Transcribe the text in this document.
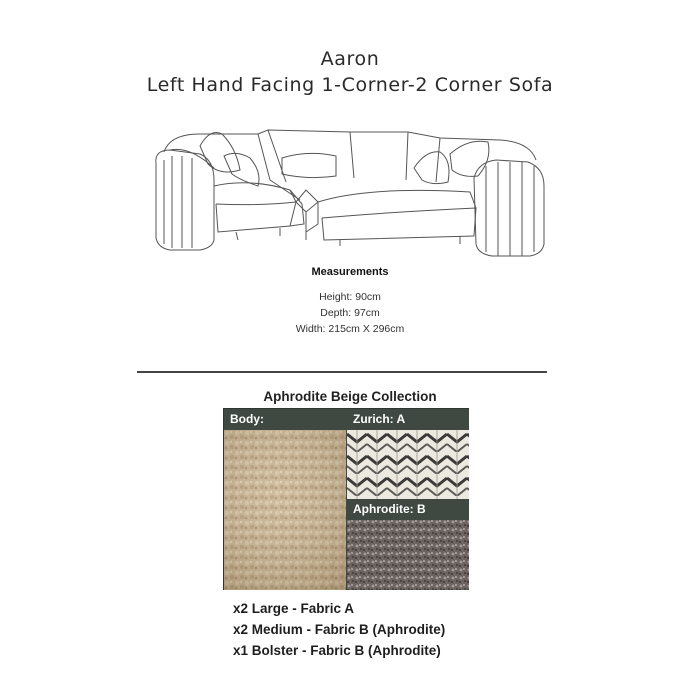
Aaron
Left Hand Facing 1-Corner-2 Corner Sofa
Measurements
Height: 90cm
Depth: 97cm
Width: 215cm X 296cm
Aphrodite Beige Collection
Body:	Zurich: A
Aphrodite: B
x2 Large - Fabric A
x2 Medium - Fabric B (Aphrodite)
x1 Bolster - Fabric B (Aphrodite)
